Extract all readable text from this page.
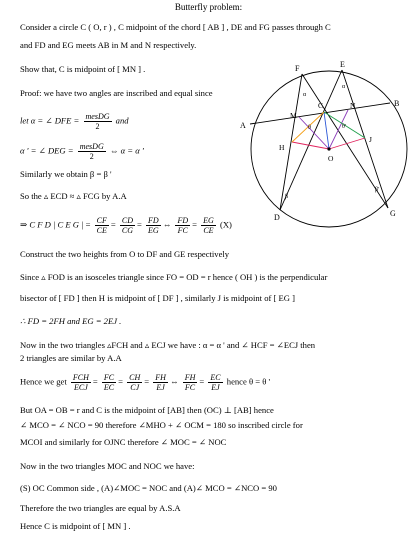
Butterfly problem:
Consider a circle C ( O, r ) , C midpoint of the chord [ AB ] , DE and FG passes through C
and FD and EG meets AB in M and N respectively.
Show that, C is midpoint of [ MN ] .
Proof: we have two angles are inscribed and equal since
let α = ∠ DFE = $\frac{\text{mesDG}}{2}$ and
α ' = ∠ DEG = $\frac{\text{mesDG}}{2}$ ⇔ α = α '
Similarly we obtain β = β '
So the ▵ ECD ≈ ▵ FCG by A.A
⇒ C F D | C E G | = $\frac{CF}{CE} = \frac{CD}{CG} = \frac{FD}{EG}$ ⇔ $\frac{FD}{FC} = \frac{EG}{CE} (X)$
Construct the two heights from O to DF and GE respectively
Since ▵ FOD is an isosceles triangle since FO = OD = r hence ( OH ) is the perpendicular
bisector of [ FD ] then H is midpoint of [ DF ] , similarly J is midpoint of [ EG ]
∴ FD = 2FH and EG = 2EJ .
Now in the two triangles ▵FCH and ▵ ECJ we have : α = α ' and ∠ HCF = ∠ECJ then
2 triangles are similar by A.A
Hence we get $\frac{\text{FCH}}{\text{ECJ}} = \frac{FC}{EC} = \frac{CH}{CJ} = \frac{FH}{EJ}$ ⇔ $\frac{FH}{FC} = \frac{EC}{EJ}$ hence θ = θ '
But OA = OB = r and C is the midpoint of [AB] then (OC) ⊥ [AB] hence
∠ MCO = ∠ NCO = 90 therefore ∠MHO + ∠ OCM = 180 so inscribed circle for
MCOI and similarly for OJNC therefore ∠ MOC = ∠ NOC
Now in the two triangles MOC and NOC we have:
(S) OC Common side , (A)∠MOC = NOC and (A)∠ MCO = ∠NCO = 90
Therefore the two triangles are equal by A.S.A
Hence C is midpoint of [ MN ] .
F	E
A
B
C
M
N
H
J
O
D	G
α
α
θ	θ'
β
β'
